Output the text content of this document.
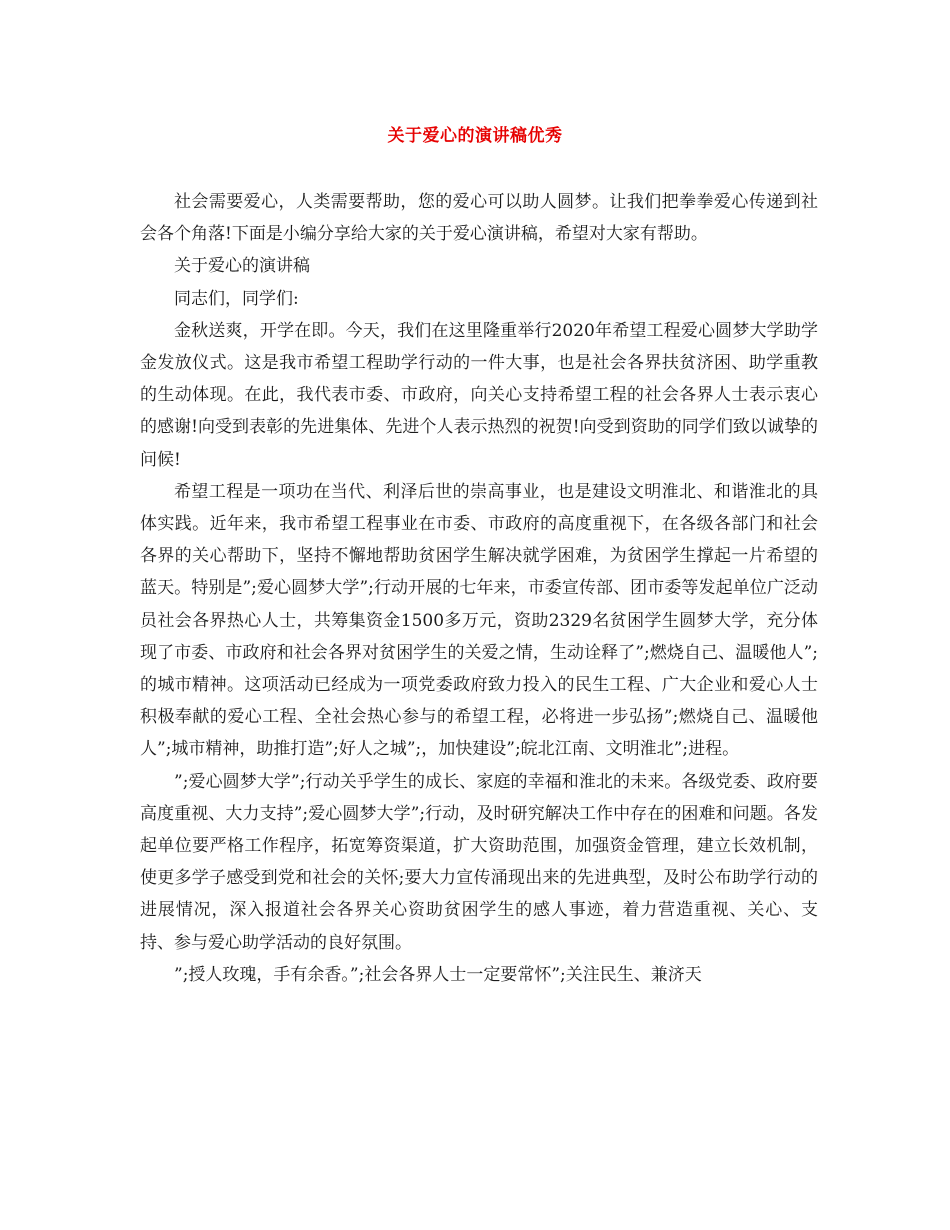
关于爱心的演讲稿优秀

社会需要爱心，人类需要帮助，您的爱心可以助人圆梦。让我们把拳拳爱心传递到社会各个角落!下面是小编分享给大家的关于爱心演讲稿，希望对大家有帮助。

关于爱心的演讲稿

同志们，同学们:

金秋送爽，开学在即。今天，我们在这里隆重举行2020年希望工程爱心圆梦大学助学金发放仪式。这是我市希望工程助学行动的一件大事，也是社会各界扶贫济困、助学重教的生动体现。在此，我代表市委、市政府，向关心支持希望工程的社会各界人士表示衷心的感谢!向受到表彰的先进集体、先进个人表示热烈的祝贺!向受到资助的同学们致以诚挚的问候!

希望工程是一项功在当代、利泽后世的崇高事业，也是建设文明淮北、和谐淮北的具体实践。近年来，我市希望工程事业在市委、市政府的高度重视下，在各级各部门和社会各界的关心帮助下，坚持不懈地帮助贫困学生解决就学困难，为贫困学生撑起一片希望的蓝天。特别是”;爱心圆梦大学”;行动开展的七年来，市委宣传部、团市委等发起单位广泛动员社会各界热心人士，共筹集资金1500多万元，资助2329名贫困学生圆梦大学，充分体现了市委、市政府和社会各界对贫困学生的关爱之情，生动诠释了”;燃烧自己、温暖他人”;的城市精神。这项活动已经成为一项党委政府致力投入的民生工程、广大企业和爱心人士积极奉献的爱心工程、全社会热心参与的希望工程，必将进一步弘扬”;燃烧自己、温暖他人”;城市精神，助推打造”;好人之城”;，加快建设”;皖北江南、文明淮北”;进程。

”;爱心圆梦大学”;行动关乎学生的成长、家庭的幸福和淮北的未来。各级党委、政府要高度重视、大力支持”;爱心圆梦大学”;行动，及时研究解决工作中存在的困难和问题。各发起单位要严格工作程序，拓宽筹资渠道，扩大资助范围，加强资金管理，建立长效机制，使更多学子感受到党和社会的关怀;要大力宣传涌现出来的先进典型，及时公布助学行动的进展情况，深入报道社会各界关心资助贫困学生的感人事迹，着力营造重视、关心、支持、参与爱心助学活动的良好氛围。

”;授人玫瑰，手有余香。”;社会各界人士一定要常怀”;关注民生、兼济天
